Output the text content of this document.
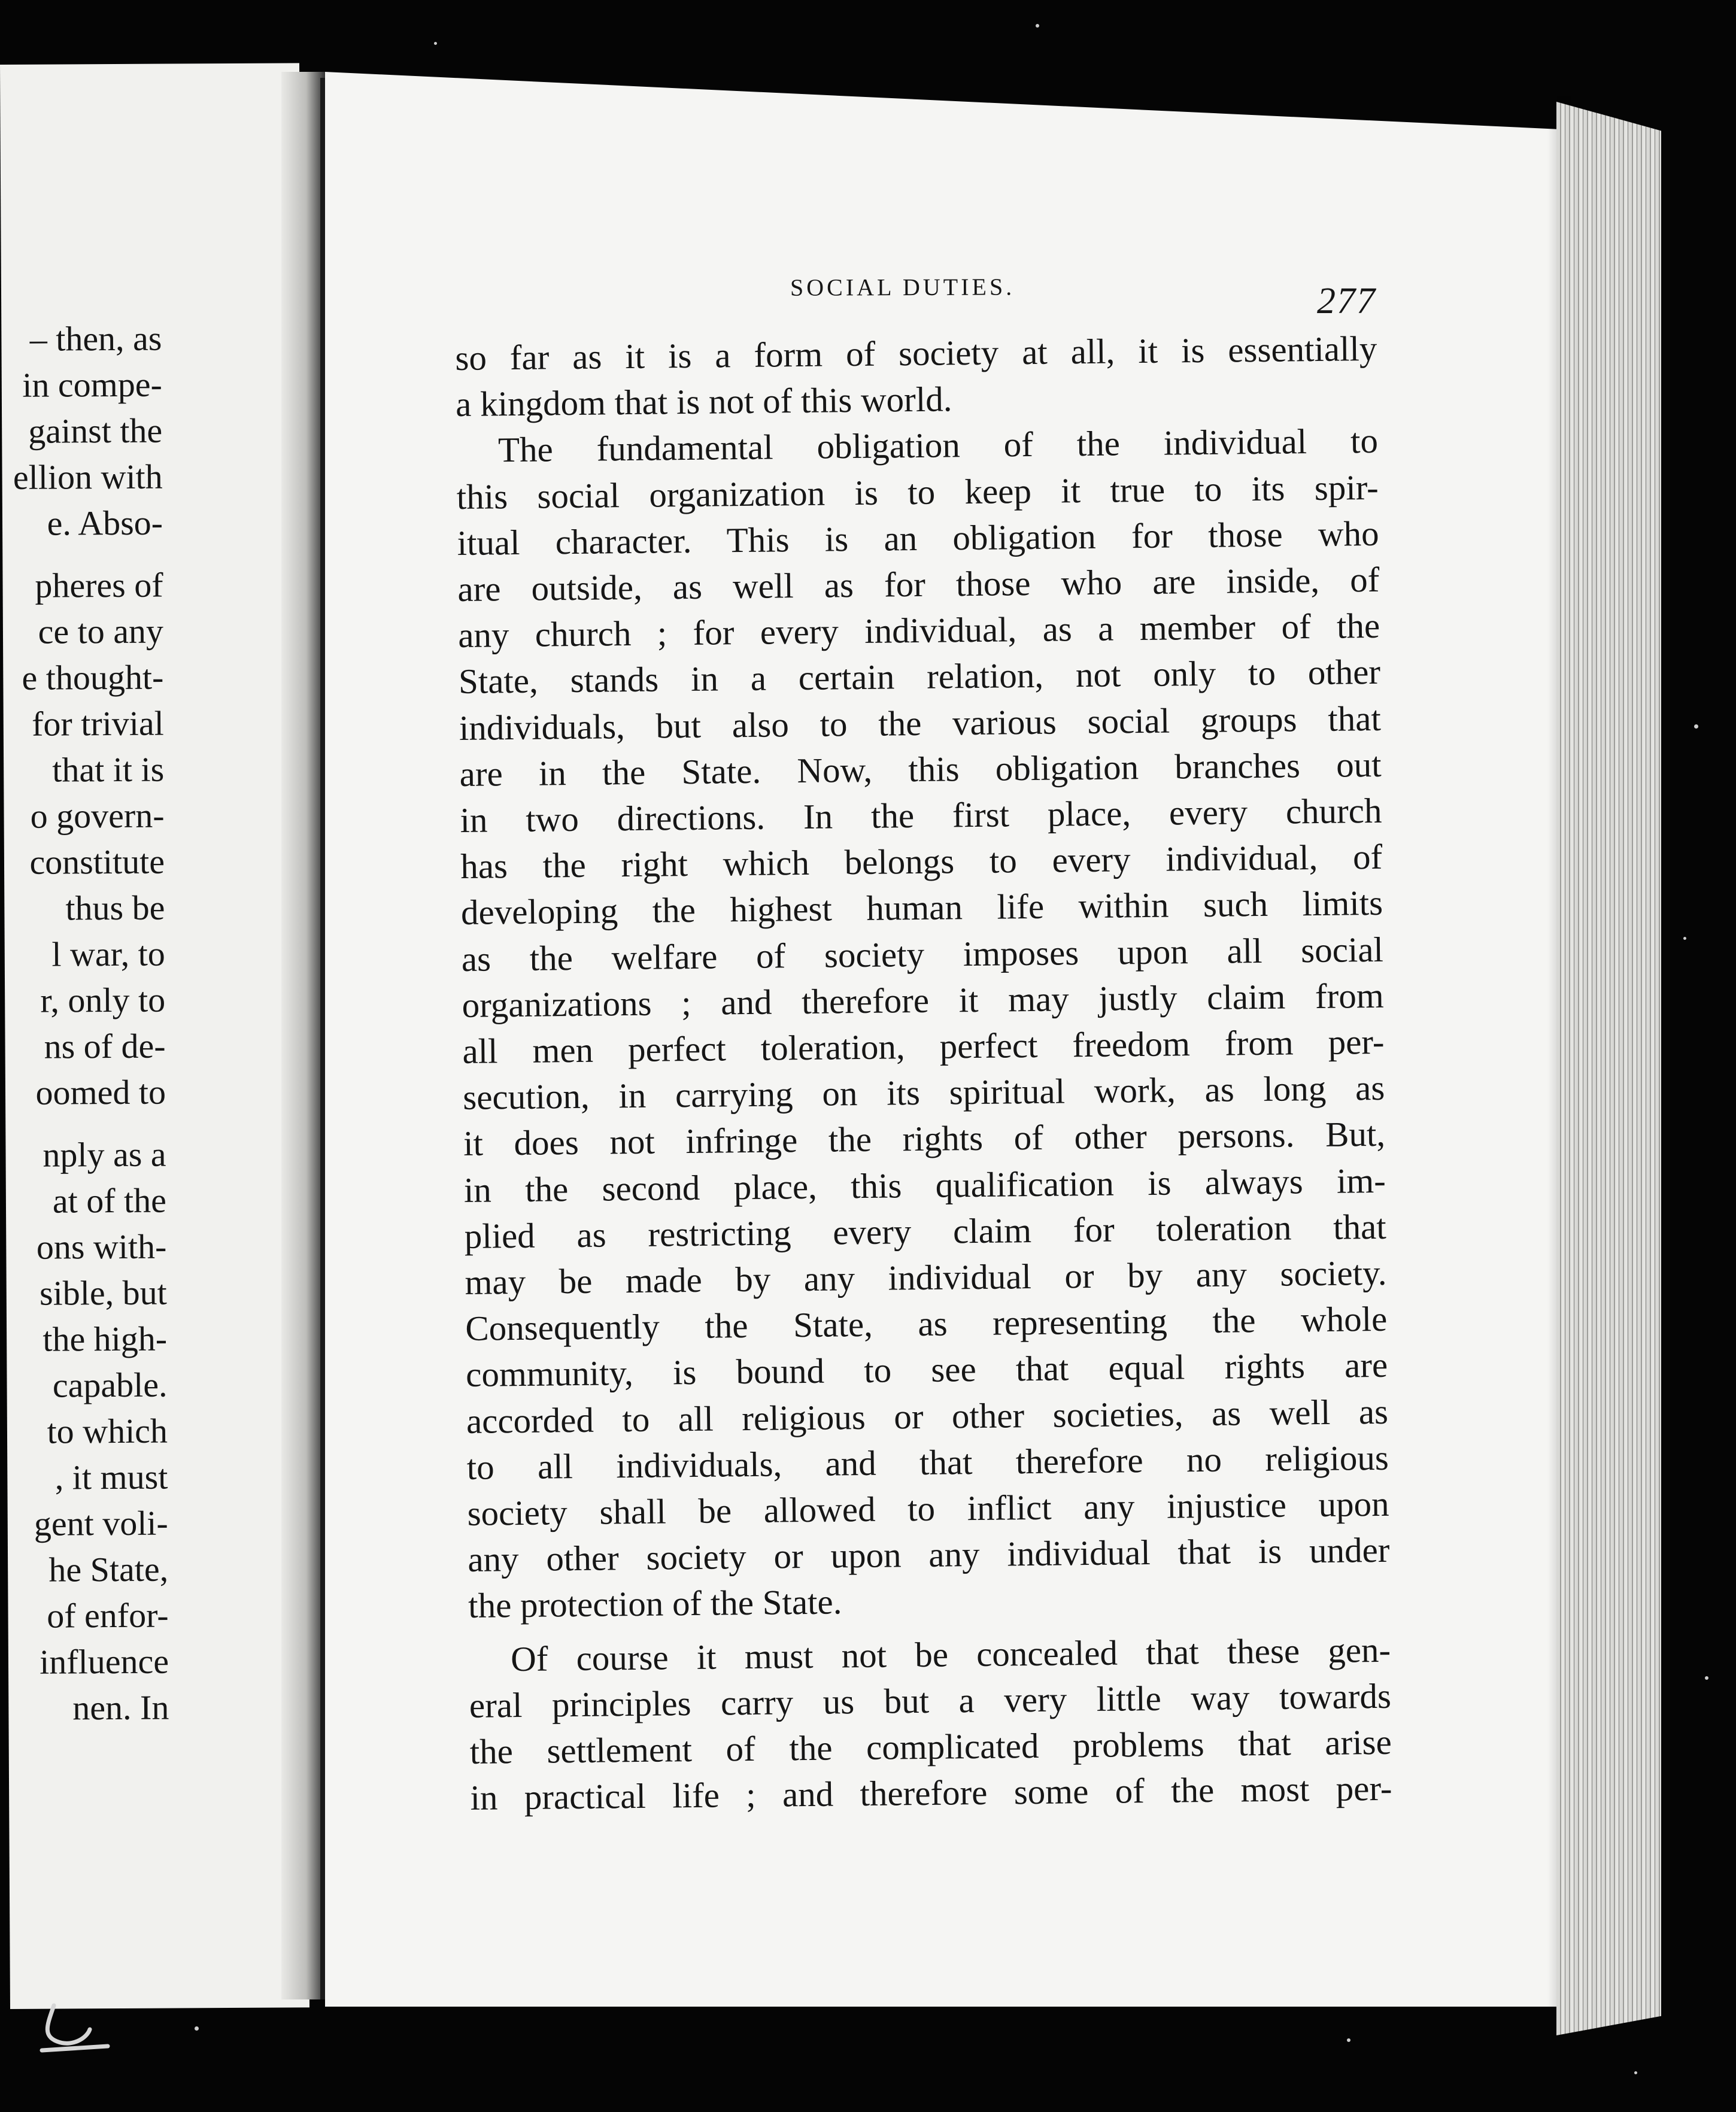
– then, as
in compe-
gainst the
ellion with
e. Abso-
pheres of
ce to any
e thought-
for trivial
that it is
o govern-
constitute
thus be
l war, to
r, only to
ns of de-
oomed to
nply as a
at of the
ons with-
sible, but
the high-
capable.
to which
, it must
gent voli-
he State,
of enfor-
influence
nen. In
SOCIAL DUTIES.	277
so far as it is a form of society at all, it is essentially
a kingdom that is not of this world.
The fundamental obligation of the individual to
this social organization is to keep it true to its spir-
itual character. This is an obligation for those who
are outside, as well as for those who are inside, of
any church ; for every individual, as a member of the
State, stands in a certain relation, not only to other
individuals, but also to the various social groups that
are in the State. Now, this obligation branches out
in two directions. In the first place, every church
has the right which belongs to every individual, of
developing the highest human life within such limits
as the welfare of society imposes upon all social
organizations ; and therefore it may justly claim from
all men perfect toleration, perfect freedom from per-
secution, in carrying on its spiritual work, as long as
it does not infringe the rights of other persons. But,
in the second place, this qualification is always im-
plied as restricting every claim for toleration that
may be made by any individual or by any society.
Consequently the State, as representing the whole
community, is bound to see that equal rights are
accorded to all religious or other societies, as well as
to all individuals, and that therefore no religious
society shall be allowed to inflict any injustice upon
any other society or upon any individual that is under
the protection of the State.
Of course it must not be concealed that these gen-
eral principles carry us but a very little way towards
the settlement of the complicated problems that arise
in practical life ; and therefore some of the most per-
